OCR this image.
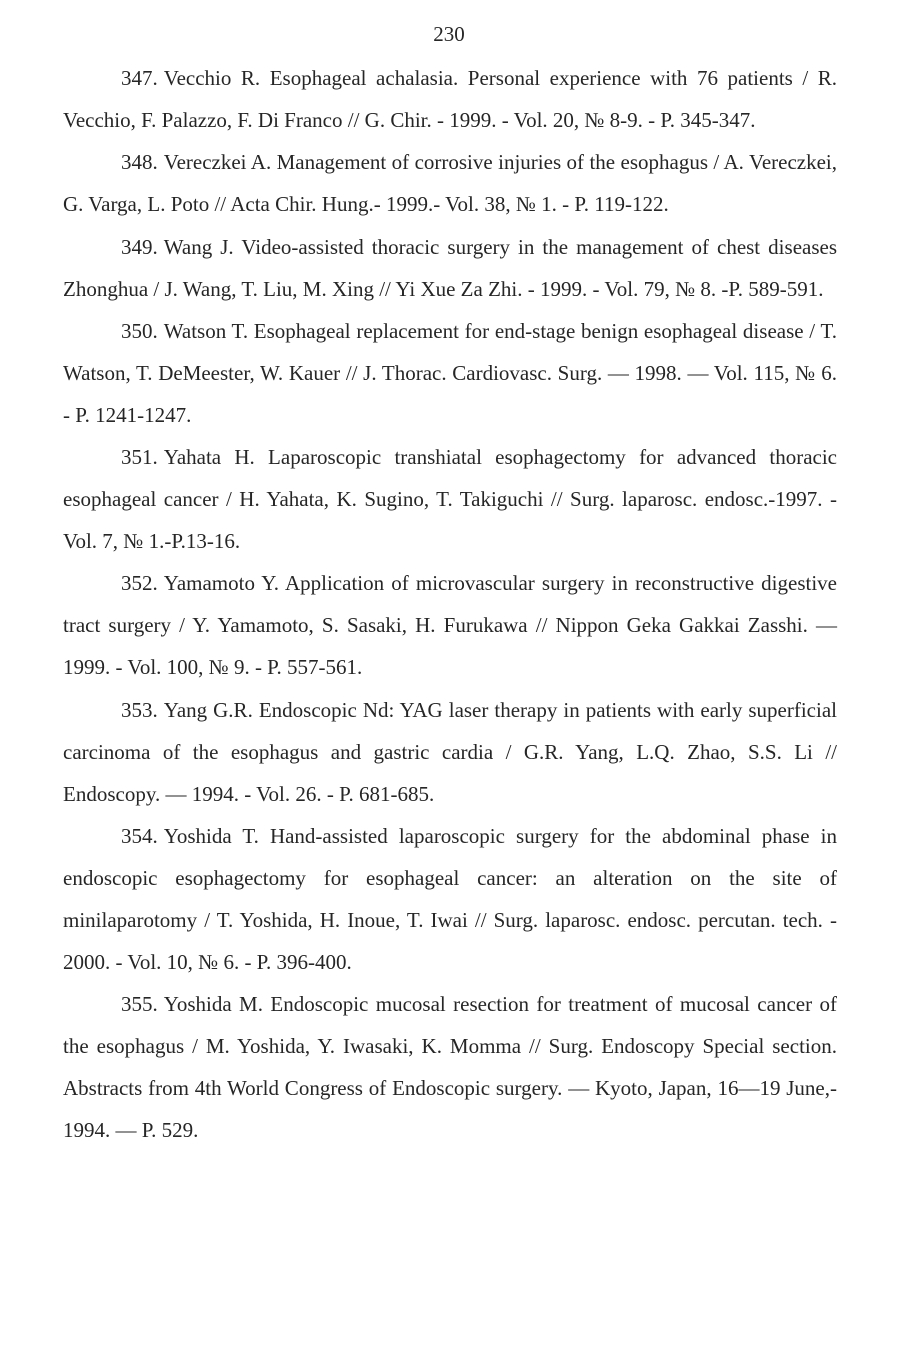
230
347. Vecchio R. Esophageal achalasia. Personal experience with 76 patients / R. Vecchio, F. Palazzo, F. Di Franco // G. Chir. - 1999. - Vol. 20, № 8-9. - P. 345-347.
348. Vereczkei A. Management of corrosive injuries of the esophagus / A. Vereczkei, G. Varga, L. Poto // Acta Chir. Hung.- 1999.- Vol. 38, № 1. - P. 119-122.
349. Wang J. Video-assisted thoracic surgery in the management of chest diseases Zhonghua / J. Wang, T. Liu, M. Xing // Yi Xue Za Zhi. - 1999. - Vol. 79, № 8. -P. 589-591.
350. Watson T. Esophageal replacement for end-stage benign esophageal disease / T. Watson, T. DeMeester, W. Kauer // J. Thorac. Cardiovasc. Surg. — 1998. — Vol. 115, № 6. - P. 1241-1247.
351. Yahata H. Laparoscopic transhiatal esophagectomy for advanced thoracic esophageal cancer / H. Yahata, K. Sugino, T. Takiguchi // Surg. laparosc. endosc.-1997. - Vol. 7, № 1.-P.13-16.
352. Yamamoto Y. Application of microvascular surgery in reconstructive digestive tract surgery / Y. Yamamoto, S. Sasaki, H. Furukawa // Nippon Geka Gakkai Zasshi. — 1999. - Vol. 100, № 9. - P. 557-561.
353. Yang G.R. Endoscopic Nd: YAG laser therapy in patients with early superficial carcinoma of the esophagus and gastric cardia / G.R. Yang, L.Q. Zhao, S.S. Li // Endoscopy. — 1994. - Vol. 26. - P. 681-685.
354. Yoshida T. Hand-assisted laparoscopic surgery for the abdominal phase in endoscopic esophagectomy for esophageal cancer: an alteration on the site of minilaparotomy / T. Yoshida, H. Inoue, T. Iwai // Surg. laparosc. endosc. percutan. tech. - 2000. - Vol. 10, № 6. - P. 396-400.
355. Yoshida M. Endoscopic mucosal resection for treatment of mucosal cancer of the esophagus / M. Yoshida, Y. Iwasaki, K. Momma // Surg. Endoscopy Special section. Abstracts from 4th World Congress of Endoscopic surgery. — Kyoto, Japan, 16—19 June,- 1994. — P. 529.
